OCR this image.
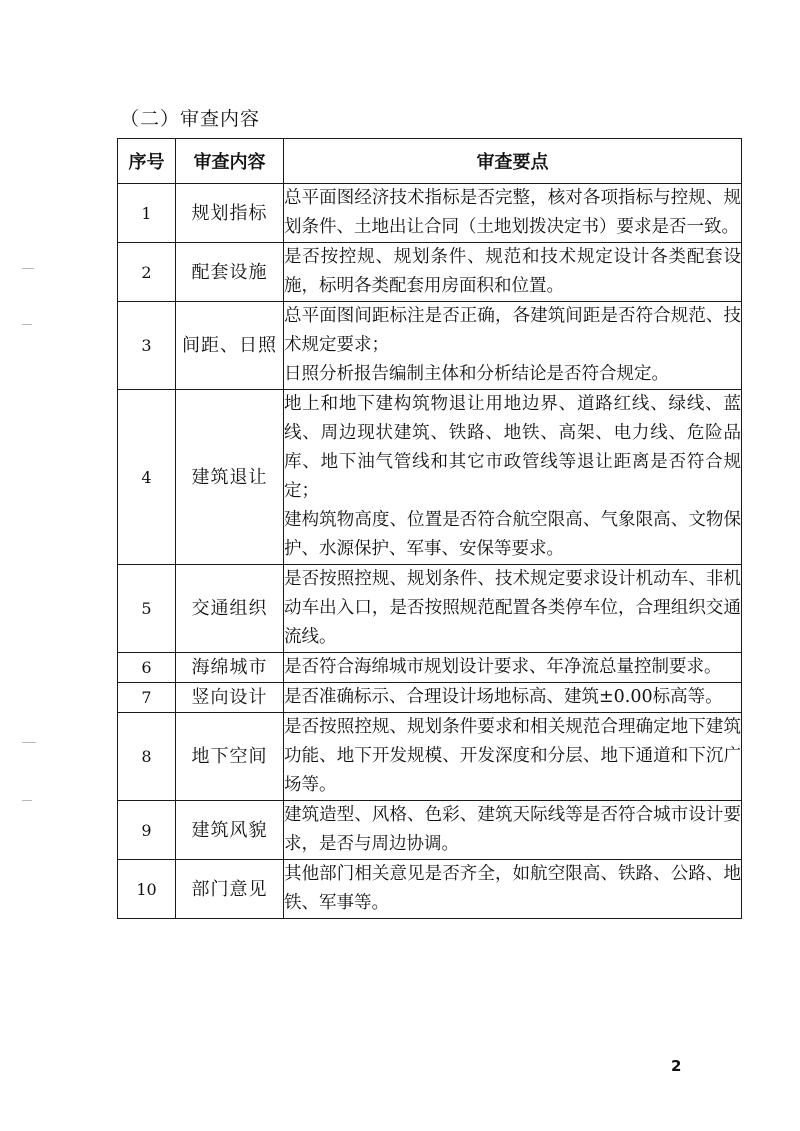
（二）审查内容
序号	审查内容	审查要点
1	规划指标	总平面图经济技术指标是否完整，核对各项指标与控规、规划条件、土地出让合同（土地划拨决定书）要求是否一致。

2	配套设施	是否按控规、规划条件、规范和技术规定设计各类配套设施，标明各类配套用房面积和位置。

3	间距、日照	总平面图间距标注是否正确，各建筑间距是否符合规范、技术规定要求；

日照分析报告编制主体和分析结论是否符合规定。

4	建筑退让	地上和地下建构筑物退让用地边界、道路红线、绿线、蓝线、周边现状建筑、铁路、地铁、高架、电力线、危险品库、地下油气管线和其它市政管线等退让距离是否符合规定；

建构筑物高度、位置是否符合航空限高、气象限高、文物保护、水源保护、军事、安保等要求。

5	交通组织	是否按照控规、规划条件、技术规定要求设计机动车、非机动车出入口，是否按照规范配置各类停车位，合理组织交通流线。

6	海绵城市	是否符合海绵城市规划设计要求、年净流总量控制要求。

7	竖向设计	是否准确标示、合理设计场地标高、建筑±0.00标高等。

8	地下空间	是否按照控规、规划条件要求和相关规范合理确定地下建筑功能、地下开发规模、开发深度和分层、地下通道和下沉广场等。

9	建筑风貌	建筑造型、风格、色彩、建筑天际线等是否符合城市设计要求，是否与周边协调。

10	部门意见	其他部门相关意见是否齐全，如航空限高、铁路、公路、地铁、军事等。

2
